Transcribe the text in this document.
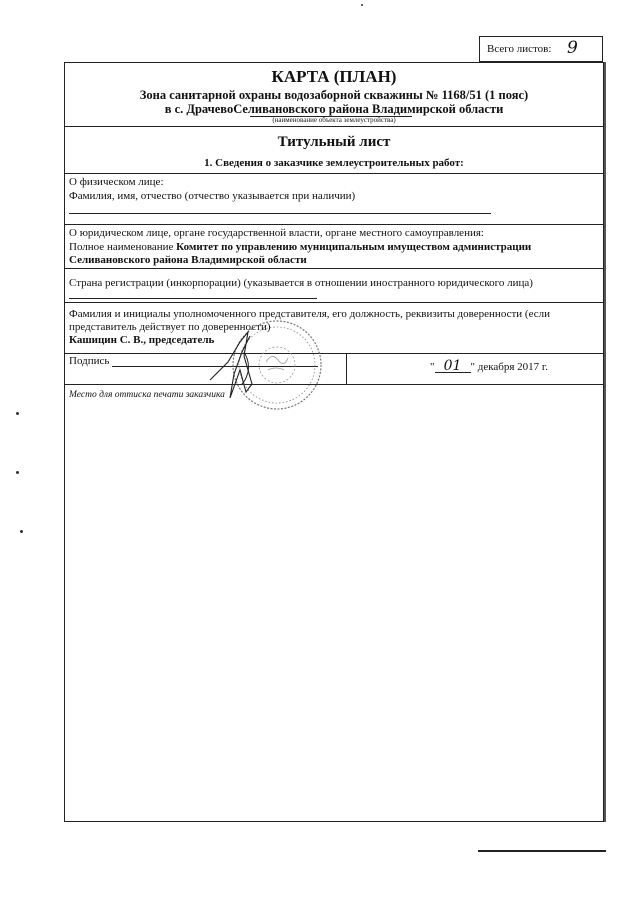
Всего листов: 9
КАРТА (ПЛАН)
Зона санитарной охраны водозаборной скважины № 1168/51 (1 пояс)
в с. ДрачевоСеливановского района Владимирской области
(наименование объекта землеустройства)
Титульный лист
1. Сведения о заказчике землеустроительных работ:
О физическом лице:
Фамилия, имя, отчество (отчество указывается при наличии)
О юридическом лице, органе государственной власти, органе местного самоуправления:
Полное наименование Комитет по управлению муниципальным имуществом администрации
Селивановского района Владимирской области
Страна регистрации (инкорпорации) (указывается в отношении иностранного юридического лица)
Фамилия и инициалы уполномоченного представителя, его должность, реквизиты доверенности (если
представитель действует по доверенности)
Кашицин С. В., председатель
Подпись	" 01 " декабря 2017 г.
Место для оттиска печати заказчика
